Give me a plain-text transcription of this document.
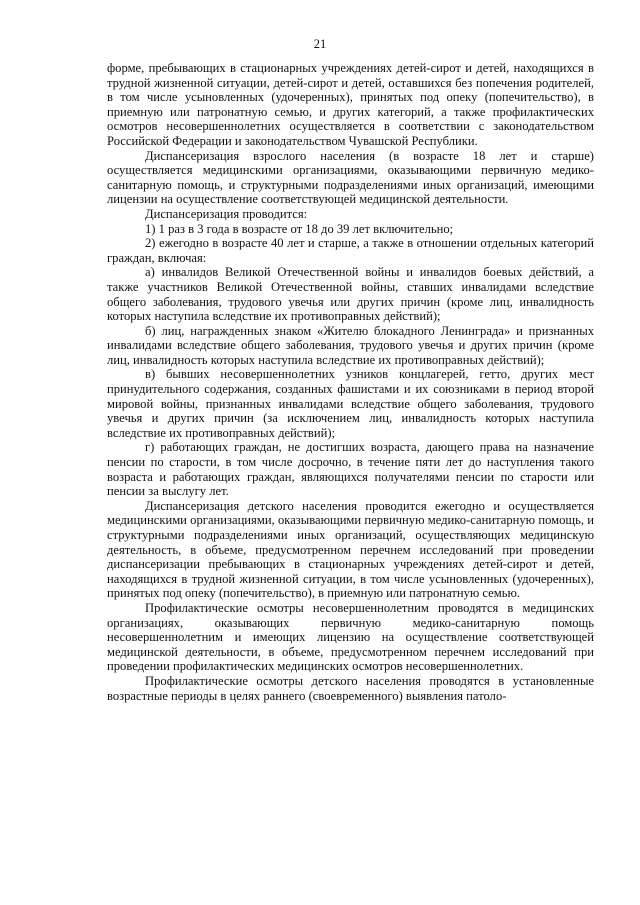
21

форме, пребывающих в стационарных учреждениях детей-сирот и детей, находящихся в трудной жизненной ситуации, детей-сирот и детей, оставшихся без попечения родителей, в том числе усыновленных (удочеренных), принятых под опеку (попечительство), в приемную или патронатную семью, и других категорий, а также профилактических осмотров несовершеннолетних осуществляется в соответствии с законодательством Российской Федерации и законодательством Чувашской Республики.

Диспансеризация взрослого населения (в возрасте 18 лет и старше) осуществляется медицинскими организациями, оказывающими первичную медико-санитарную помощь, и структурными подразделениями иных организаций, имеющими лицензии на осуществление соответствующей медицинской деятельности.

Диспансеризация проводится:

1) 1 раз в 3 года в возрасте от 18 до 39 лет включительно;

2) ежегодно в возрасте 40 лет и старше, а также в отношении отдельных категорий граждан, включая:

а) инвалидов Великой Отечественной войны и инвалидов боевых действий, а также участников Великой Отечественной войны, ставших инвалидами вследствие общего заболевания, трудового увечья или других причин (кроме лиц, инвалидность которых наступила вследствие их противоправных действий);

б) лиц, награжденных знаком «Жителю блокадного Ленинграда» и признанных инвалидами вследствие общего заболевания, трудового увечья и других причин (кроме лиц, инвалидность которых наступила вследствие их противоправных действий);

в) бывших несовершеннолетних узников концлагерей, гетто, других мест принудительного содержания, созданных фашистами и их союзниками в период второй мировой войны, признанных инвалидами вследствие общего заболевания, трудового увечья и других причин (за исключением лиц, инвалидность которых наступила вследствие их противоправных действий);

г) работающих граждан, не достигших возраста, дающего права на назначение пенсии по старости, в том числе досрочно, в течение пяти лет до наступления такого возраста и работающих граждан, являющихся получателями пенсии по старости или пенсии за выслугу лет.

Диспансеризация детского населения проводится ежегодно и осуществляется медицинскими организациями, оказывающими первичную медико-санитарную помощь, и структурными подразделениями иных организаций, осуществляющих медицинскую деятельность, в объеме, предусмотренном перечнем исследований при проведении диспансеризации пребывающих в стационарных учреждениях детей-сирот и детей, находящихся в трудной жизненной ситуации, в том числе усыновленных (удочеренных), принятых под опеку (попечительство), в приемную или патронатную семью.

Профилактические осмотры несовершеннолетним проводятся в медицинских организациях, оказывающих первичную медико-санитарную помощь несовершеннолетним и имеющих лицензию на осуществление соответствующей медицинской деятельности, в объеме, предусмотренном перечнем исследований при проведении профилактических медицинских осмотров несовершеннолетних.

Профилактические осмотры детского населения проводятся в установленные возрастные периоды в целях раннего (своевременного) выявления патоло-
